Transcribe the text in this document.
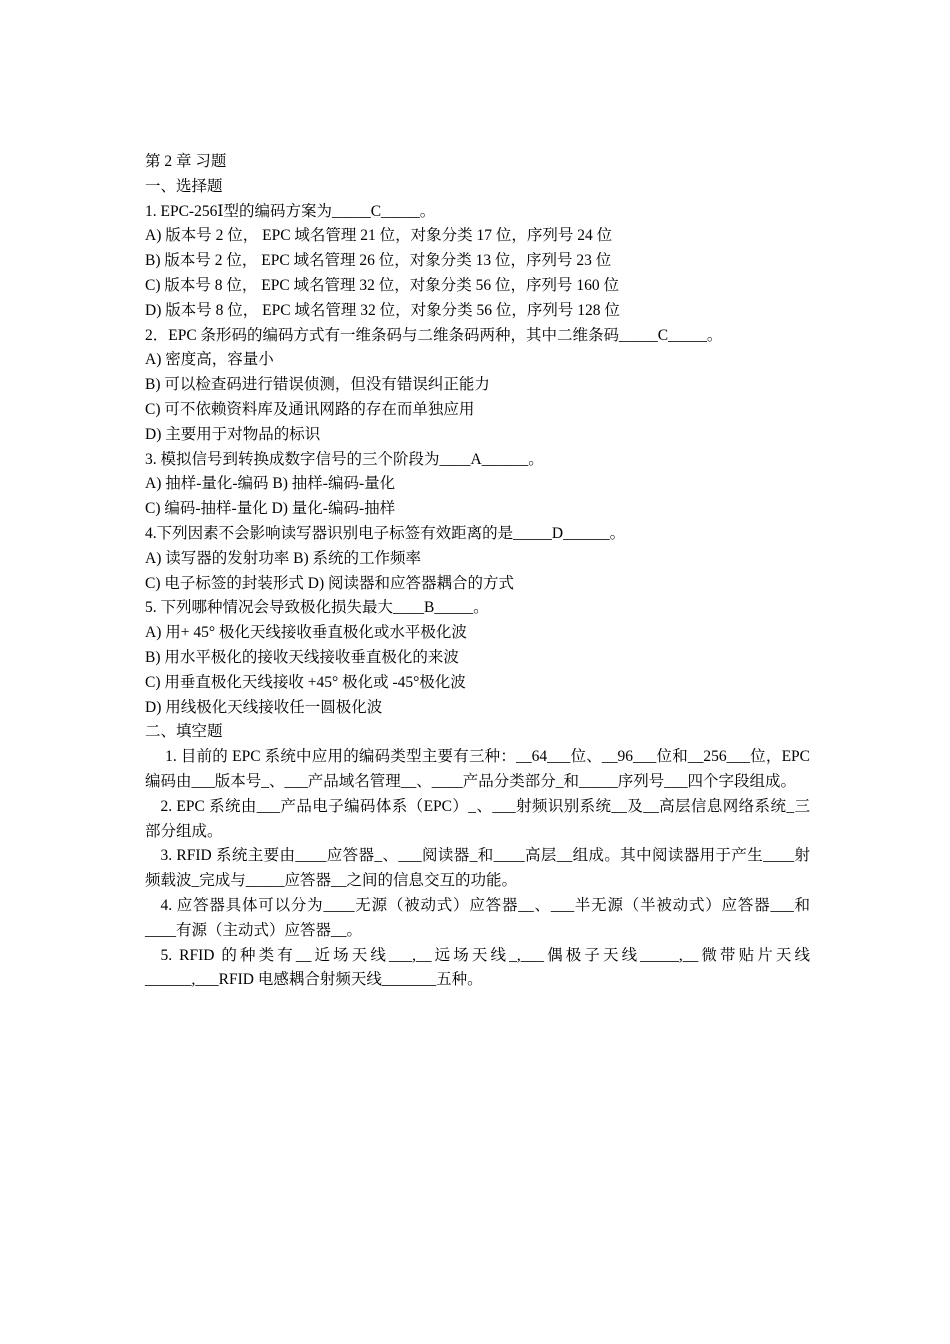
第 2 章 习题
一、选择题
1. EPC-256Ⅰ型的编码方案为_____C_____。
A) 版本号 2 位， EPC 域名管理 21 位，对象分类 17 位，序列号 24 位
B) 版本号 2 位， EPC 域名管理 26 位，对象分类 13 位，序列号 23 位
C) 版本号 8 位， EPC 域名管理 32 位，对象分类 56 位，序列号 160 位
D) 版本号 8 位， EPC 域名管理 32 位，对象分类 56 位，序列号 128 位
2．EPC 条形码的编码方式有一维条码与二维条码两种，其中二维条码_____C_____。
A) 密度高，容量小
B) 可以检查码进行错误侦测，但没有错误纠正能力
C) 可不依赖资料库及通讯网路的存在而单独应用
D) 主要用于对物品的标识
3. 模拟信号到转换成数字信号的三个阶段为____A______。
A) 抽样-量化-编码 B) 抽样-编码-量化
C) 编码-抽样-量化 D) 量化-编码-抽样
4.下列因素不会影响读写器识别电子标签有效距离的是_____D______。
A) 读写器的发射功率 B) 系统的工作频率
C) 电子标签的封装形式 D) 阅读器和应答器耦合的方式
5. 下列哪种情况会导致极化损失最大____B_____。
A) 用+ 45° 极化天线接收垂直极化或水平极化波
B) 用水平极化的接收天线接收垂直极化的来波
C) 用垂直极化天线接收 +45° 极化或 -45°极化波
D) 用线极化天线接收任一圆极化波
二、填空题
1. 目前的 EPC 系统中应用的编码类型主要有三种：__64___位、__96___位和__256___位，EPC 编码由___版本号_、___产品域名管理__、____产品分类部分_和_____序列号___四个字段组成。
2. EPC 系统由___产品电子编码体系（EPC）_、___射频识别系统__及__高层信息网络系统_三部分组成。
3. RFID 系统主要由____应答器_、___阅读器_和____高层__组成。其中阅读器用于产生____射频载波_完成与_____应答器__之间的信息交互的功能。
4. 应答器具体可以分为____无源（被动式）应答器__、___半无源（半被动式）应答器___和____有源（主动式）应答器__。
5. RFID 的种类有__近场天线___,__远场天线_,___偶极子天线_____,__微带贴片天线______,___RFID 电感耦合射频天线_______五种。
